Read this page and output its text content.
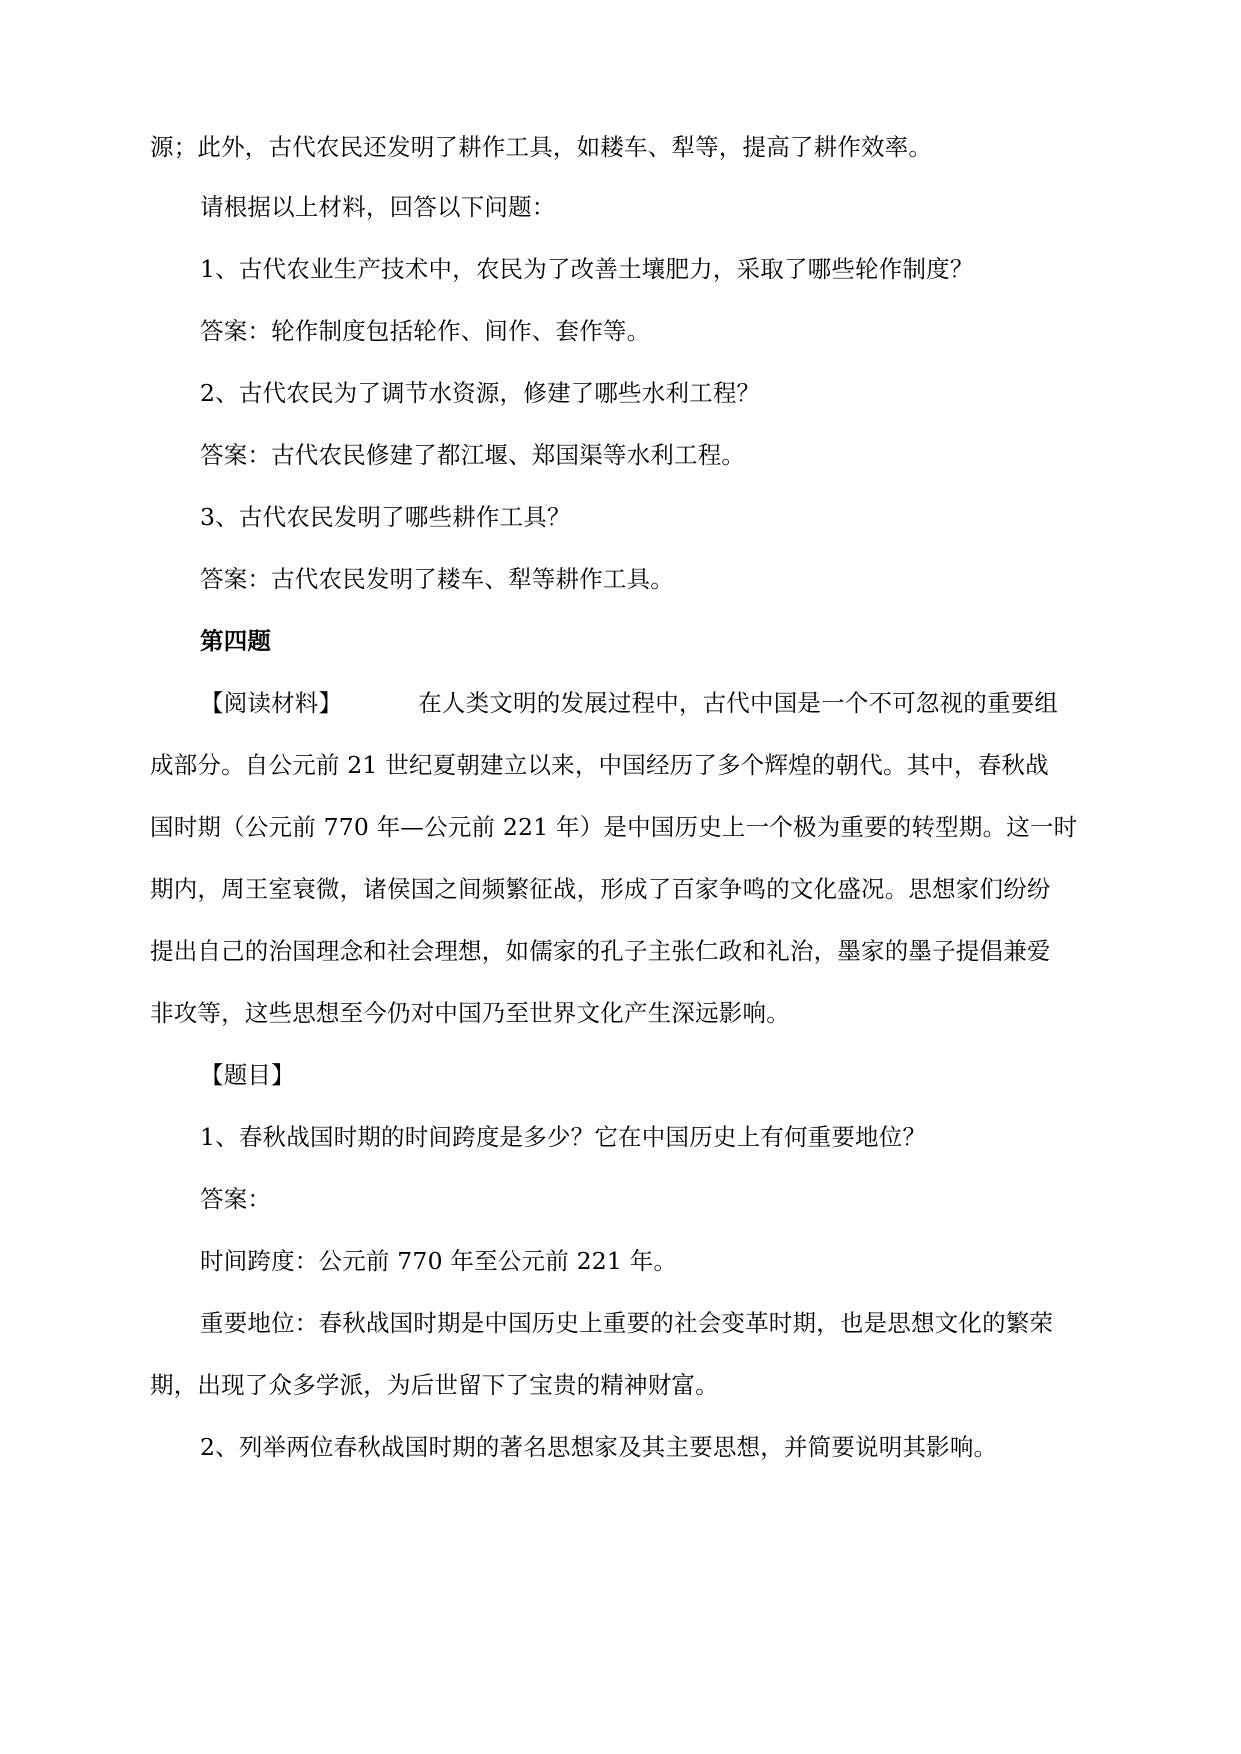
源；此外，古代农民还发明了耕作工具，如耧车、犁等，提高了耕作效率。
请根据以上材料，回答以下问题：
1、古代农业生产技术中，农民为了改善土壤肥力，采取了哪些轮作制度？
答案：轮作制度包括轮作、间作、套作等。
2、古代农民为了调节水资源，修建了哪些水利工程？
答案：古代农民修建了都江堰、郑国渠等水利工程。
3、古代农民发明了哪些耕作工具？
答案：古代农民发明了耧车、犁等耕作工具。
第四题
【阅读材料】	在人类文明的发展过程中，古代中国是一个不可忽视的重要组
成部分。自公元前 21 世纪夏朝建立以来，中国经历了多个辉煌的朝代。其中，春秋战
国时期（公元前 770 年—公元前 221 年）是中国历史上一个极为重要的转型期。这一时
期内，周王室衰微，诸侯国之间频繁征战，形成了百家争鸣的文化盛况。思想家们纷纷
提出自己的治国理念和社会理想，如儒家的孔子主张仁政和礼治，墨家的墨子提倡兼爱
非攻等，这些思想至今仍对中国乃至世界文化产生深远影响。
【题目】
1、春秋战国时期的时间跨度是多少？它在中国历史上有何重要地位？
答案：
时间跨度：公元前 770 年至公元前 221 年。
重要地位：春秋战国时期是中国历史上重要的社会变革时期，也是思想文化的繁荣
期，出现了众多学派，为后世留下了宝贵的精神财富。
2、列举两位春秋战国时期的著名思想家及其主要思想，并简要说明其影响。
